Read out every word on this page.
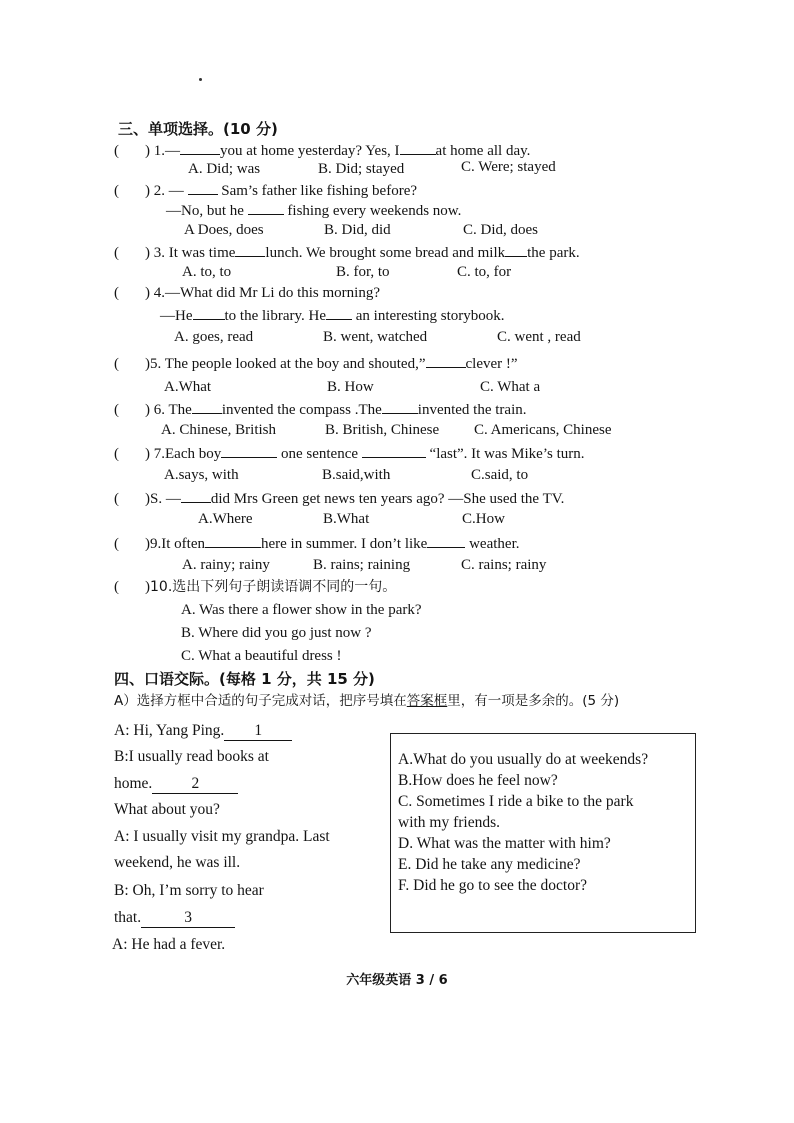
三、单项选择。(10 分)
( ) 1.—	you at home yesterday? Yes, I at home all day.
A. Did; was	B. Did; stayed	C. Were; stayed
( ) 2. —	Sam’s father like fishing before?
—No, but he	fishing every weekends now.
A Does, does	B. Did, did	C. Did, does
( ) 3. It was time lunch. We brought some bread and milk the park.
A. to, to	B. for, to	C. to, for
( ) 4.—What did Mr Li do this morning?
—He to the library. He an interesting storybook.
A. goes, read	B. went, watched	C. went , read
( )5. The people looked at the boy and shouted,”	clever !”
A.What	B. How	C. What a
( ) 6. The invented the compass .The invented the train.
A. Chinese, British	B. British, Chinese C. Americans, Chinese
( ) 7.Each boy	one sentence	“last”. It was Mike’s turn.
A.says, with	B.said,with	C.said, to
( )S. — did Mrs Green get news ten years ago? —She used the TV.
A.Where	B.What	C.How
( )9.It often	here in summer. I don’t like	weather.
A. rainy; rainy	B. rains; raining	C. rains; rainy
( )10.选出下列句子朗读语调不同的一句。
A. Was there a flower show in the park?
B. Where did you go just now ?
C. What a beautiful dress !
四、口语交际。(每格 1 分，共 15 分)
A）选择方框中合适的句子完成对话，把序号填在答案框里，有一项是多余的。(5 分)
A: Hi, Yang Ping. 1
B:I usually read books at
home.	2
What about you?
A: I usually visit my grandpa. Last
weekend, he was ill.
B: Oh, I’m sorry to hear
that.	3
A: He had a fever.
A.What do you usually do at weekends?
B.How does he feel now?
C. Sometimes I ride a bike to the park
with my friends.
D. What was the matter with him?
E. Did he take any medicine?
F. Did he go to see the doctor?
六年级英语 3 / 6
